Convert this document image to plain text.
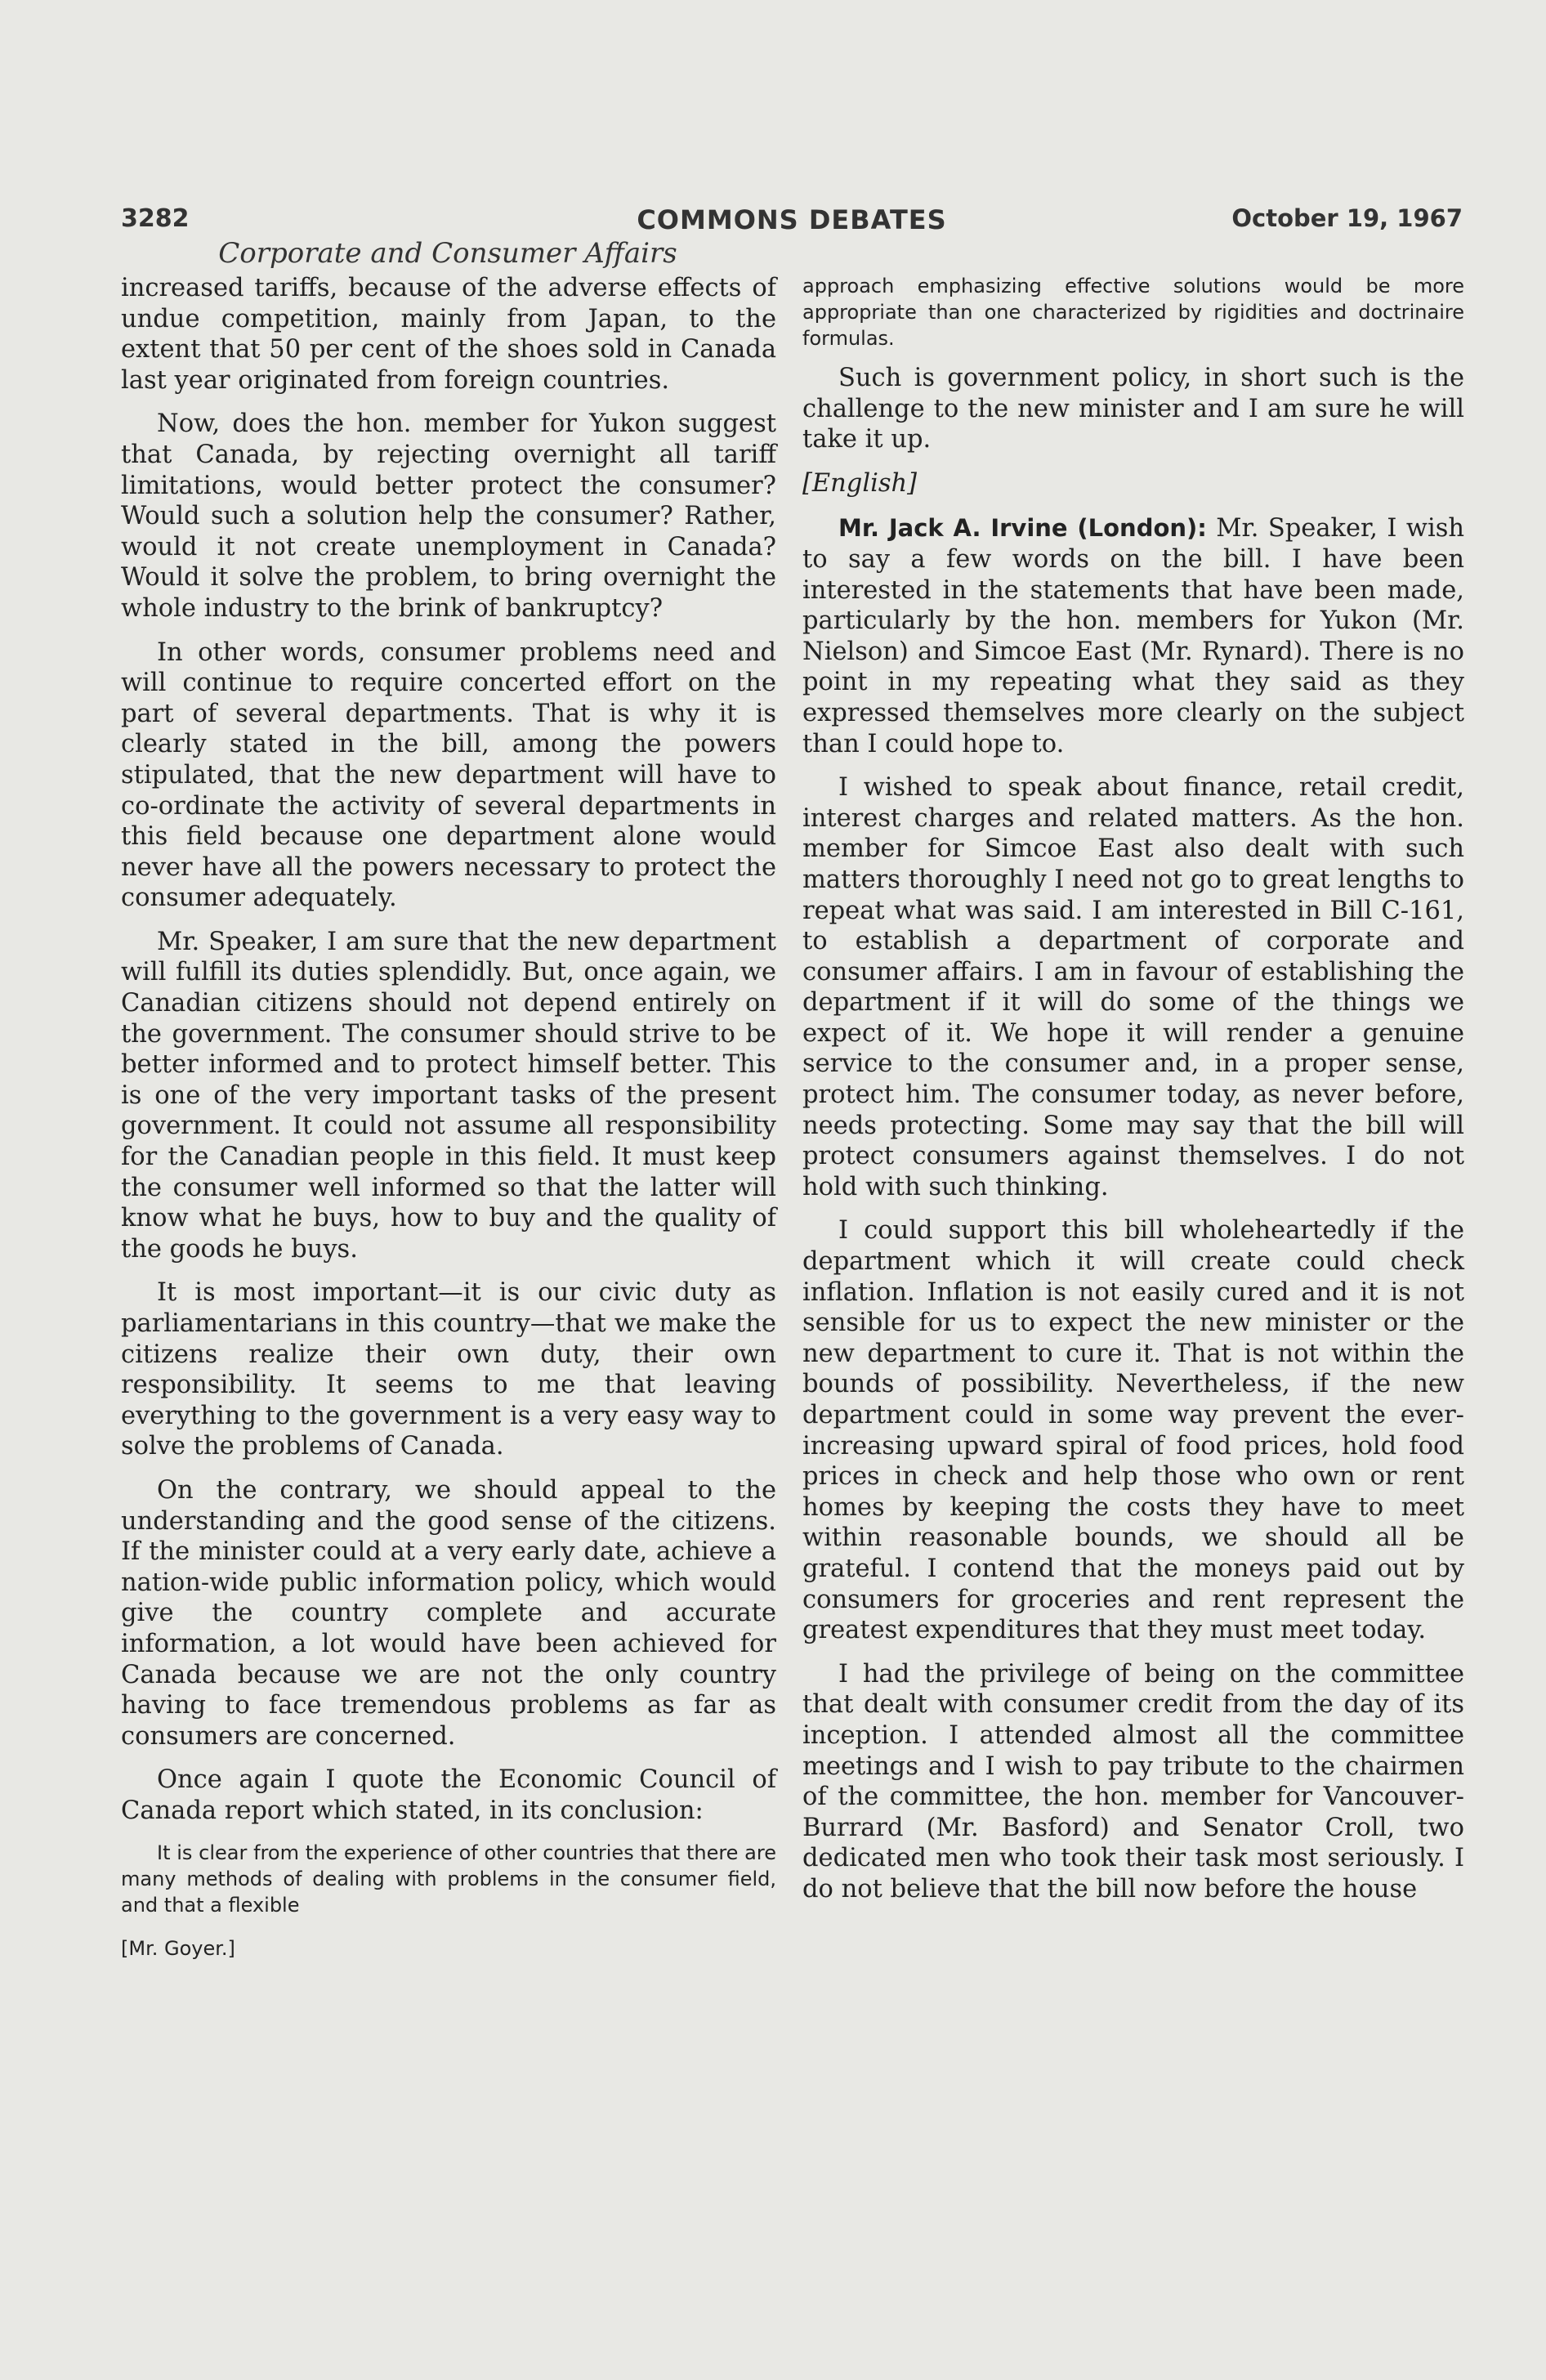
3282	COMMONS DEBATES	October 19, 1967
Corporate and Consumer Affairs

increased tariffs, because of the adverse effects of undue competition, mainly from Japan, to the extent that 50 per cent of the shoes sold in Canada last year originated from foreign countries.

Now, does the hon. member for Yukon suggest that Canada, by rejecting overnight all tariff limitations, would better protect the consumer? Would such a solution help the consumer? Rather, would it not create unemployment in Canada? Would it solve the problem, to bring overnight the whole industry to the brink of bankruptcy?

In other words, consumer problems need and will continue to require concerted effort on the part of several departments. That is why it is clearly stated in the bill, among the powers stipulated, that the new department will have to co-ordinate the activity of several departments in this field because one department alone would never have all the powers necessary to protect the consumer adequately.

Mr. Speaker, I am sure that the new department will fulfill its duties splendidly. But, once again, we Canadian citizens should not depend entirely on the government. The consumer should strive to be better informed and to protect himself better. This is one of the very important tasks of the present government. It could not assume all responsibility for the Canadian people in this field. It must keep the consumer well informed so that the latter will know what he buys, how to buy and the quality of the goods he buys.

It is most important—it is our civic duty as parliamentarians in this country—that we make the citizens realize their own duty, their own responsibility. It seems to me that leaving everything to the government is a very easy way to solve the problems of Canada.

On the contrary, we should appeal to the understanding and the good sense of the citizens. If the minister could at a very early date, achieve a nation-wide public information policy, which would give the country complete and accurate information, a lot would have been achieved for Canada because we are not the only country having to face tremendous problems as far as consumers are concerned.

Once again I quote the Economic Council of Canada report which stated, in its conclusion:

It is clear from the experience of other countries that there are many methods of dealing with problems in the consumer field, and that a flexible

[Mr. Goyer.]

approach emphasizing effective solutions would be more appropriate than one characterized by rigidities and doctrinaire formulas.

Such is government policy, in short such is the challenge to the new minister and I am sure he will take it up.

[English]

Mr. Jack A. Irvine (London): Mr. Speaker, I wish to say a few words on the bill. I have been interested in the statements that have been made, particularly by the hon. members for Yukon (Mr. Nielson) and Simcoe East (Mr. Rynard). There is no point in my repeating what they said as they expressed themselves more clearly on the subject than I could hope to.

I wished to speak about finance, retail credit, interest charges and related matters. As the hon. member for Simcoe East also dealt with such matters thoroughly I need not go to great lengths to repeat what was said. I am interested in Bill C-161, to establish a department of corporate and consumer affairs. I am in favour of establishing the department if it will do some of the things we expect of it. We hope it will render a genuine service to the consumer and, in a proper sense, protect him. The consumer today, as never before, needs protecting. Some may say that the bill will protect consumers against themselves. I do not hold with such thinking.

I could support this bill wholeheartedly if the department which it will create could check inflation. Inflation is not easily cured and it is not sensible for us to expect the new minister or the new department to cure it. That is not within the bounds of possibility. Nevertheless, if the new department could in some way prevent the ever-increasing upward spiral of food prices, hold food prices in check and help those who own or rent homes by keeping the costs they have to meet within reasonable bounds, we should all be grateful. I contend that the moneys paid out by consumers for groceries and rent represent the greatest expenditures that they must meet today.

I had the privilege of being on the committee that dealt with consumer credit from the day of its inception. I attended almost all the committee meetings and I wish to pay tribute to the chairmen of the committee, the hon. member for Vancouver-Burrard (Mr. Basford) and Senator Croll, two dedicated men who took their task most seriously. I do not believe that the bill now before the house
